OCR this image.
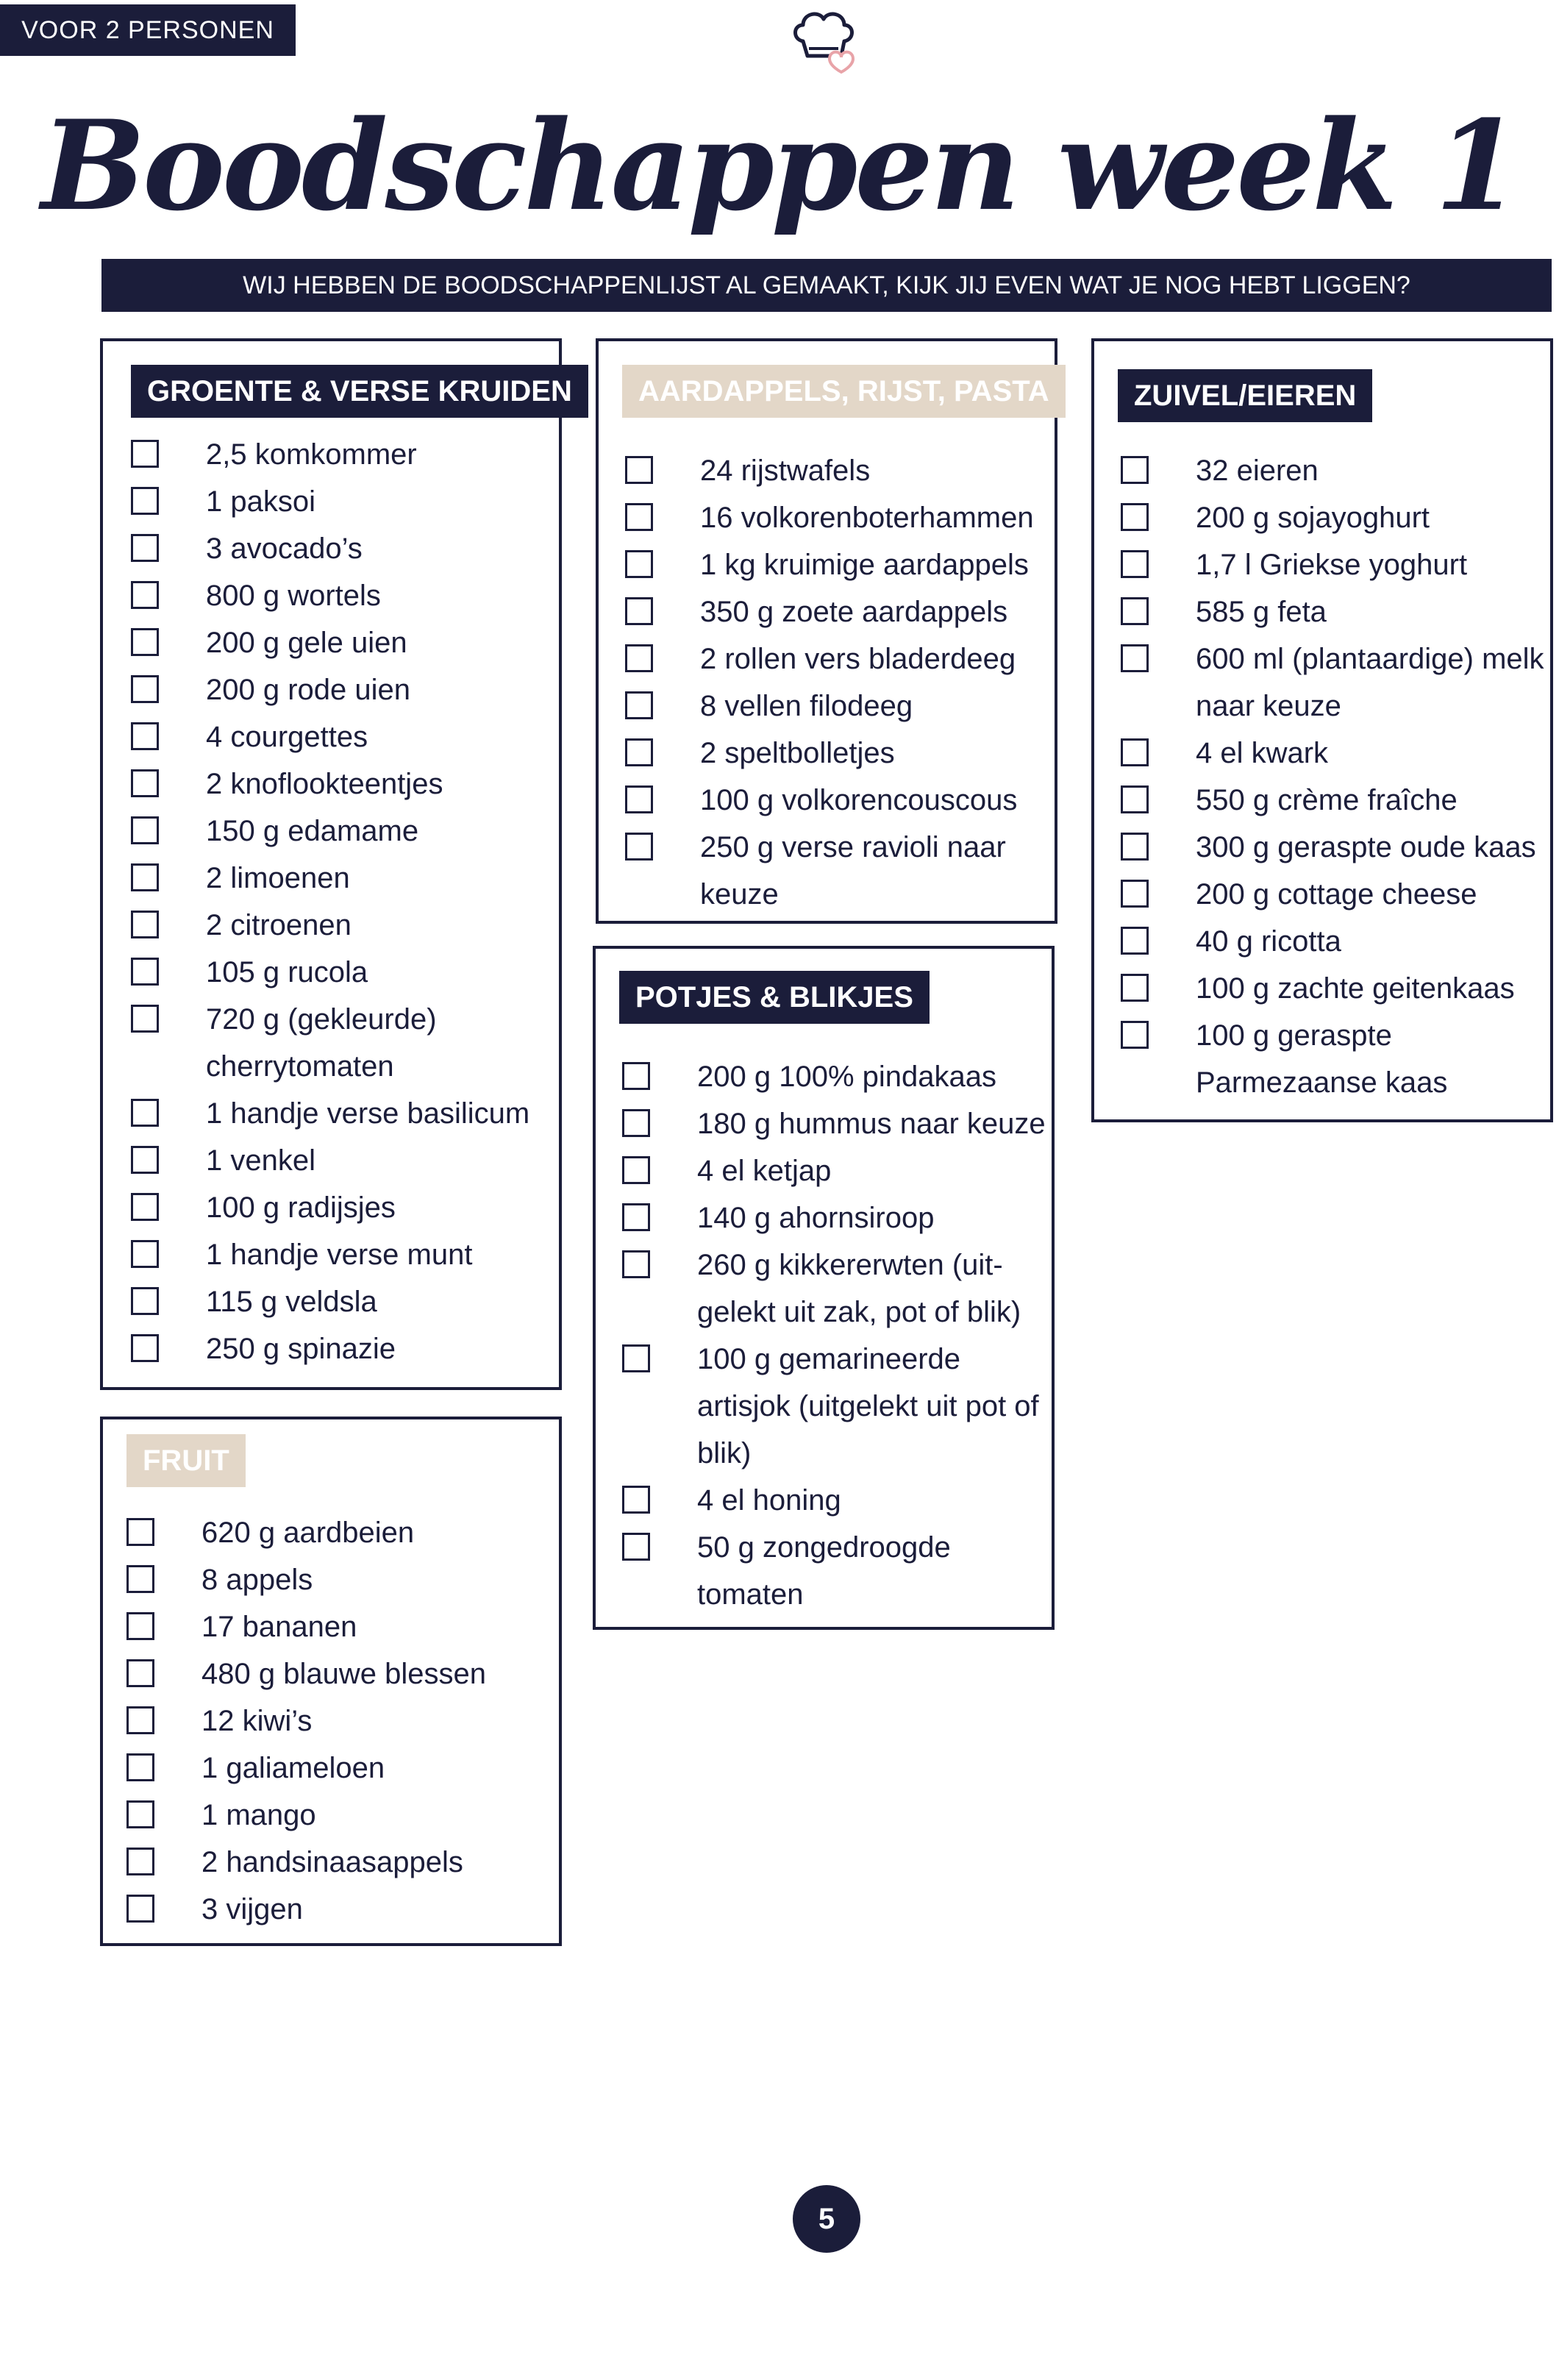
VOOR 2 PERSONEN
Boodschappen week 1
WIJ HEBBEN DE BOODSCHAPPENLIJST AL GEMAAKT, KIJK JIJ EVEN WAT JE NOG HEBT LIGGEN?
GROENTE & VERSE KRUIDEN
2,5 komkommer
1 paksoi
3 avocado’s
800 g wortels
200 g gele uien
200 g rode uien
4 courgettes
2 knoflookteentjes
150 g edamame
2 limoenen
2 citroenen
105 g rucola
720 g (gekleurde) cherrytomaten
1 handje verse basilicum
1 venkel
100 g radijsjes
1 handje verse munt
115 g veldsla
250 g spinazie
FRUIT
620 g aardbeien
8 appels
17 bananen
480 g blauwe blessen
12 kiwi’s
1 galiameloen
1 mango
2 handsinaasappels
3 vijgen
AARDAPPELS, RIJST, PASTA
24 rijstwafels
16 volkorenboterhammen
1 kg kruimige aardappels
350 g zoete aardappels
2 rollen vers bladerdeeg
8 vellen filodeeg
2 speltbolletjes
100 g volkorencouscous
250 g verse ravioli naar keuze
POTJES & BLIKJES
200 g 100% pindakaas
180 g hummus naar keuze
4 el ketjap
140 g ahornsiroop
260 g kikkererwten (uit-gelekt uit zak, pot of blik)
100 g gemarineerde artisjok (uitgelekt uit pot of blik)
4 el honing
50 g zongedroogde tomaten
ZUIVEL/EIEREN
32 eieren
200 g sojayoghurt
1,7 l Griekse yoghurt
585 g feta
600 ml (plantaardige) melk naar keuze
4 el kwark
550 g crème fraîche
300 g geraspte oude kaas
200 g cottage cheese
40 g ricotta
100 g zachte geitenkaas
100 g geraspte Parmezaanse kaas
5
